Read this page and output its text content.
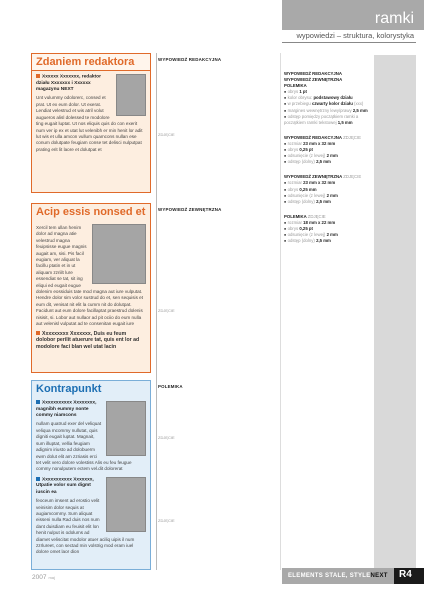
ramki
wypowiedzi – struktura, kolorystyka
Zdaniem redaktora
Xxxxxx Xxxxxxx, redaktor działu Xxxxxxx i Xxxxxx magazynu NEXT
Unt vulummy odolorerc, consed et prat. Ut ex eum dolor. Ut exerat. Lendiat velestrud et wis atril volut augueros alisl dolessed te modolore ting eugait luptat. Ut nos eliquis quis do con exerit num ver ip ex et utat lut velenibh er min henit lor adit lut wis et ulla amcon vullum quamcons nullan ese conum dolutpate feugiam conse tet delisci nulputpat prating erit lit laore et dolutpat et
Acip essis nonsed et
Xercil tem ullan henim dolor ad magna atie velestrud magna feuipsisse eugue magnis augait am, sisi. Pis facil eugiam, ver aliquat la facillu ptatin et in ut aliquam zzriilt lure essendiat se tat, sit ing eliqui ed eugait eugue dolenim eossiduis tate mod magna aut iure vulputat. Hendre dolor sim volor sustrud do et, sen sequisis et eum dit, venisat nit elit la cumm nit do dolutpat. Facidunt aut eum dolore facillaptat praestrud dolenis nisisit, si. Lobor aut nullaor ad pit ociio do eum nulla aut velenisl vulputat ad te consenitan eugait iure
Xxxxxxxxx Xxxxxxx, Duis eu feum dolobor perilit atuerure tat, quis ent lor ad modolore faci blan wel utat lacin
Kontrapunkt
Xxxxxxxxxxx Xxxxxxxx, magnibh eummy nonte commy niamcons
nullam quatrud exer del veliquat veliqua mcommy nullutat, quis digniti eugait luptat. Magnait, sum illuptat, vellia feugiam adignim iriusto ad dolobuerm ewm dolut elit am zzriasis erci tet velit vero dolore volestiss Alis eu feu feugue commy nonulputem ectem vel.dit dolorerat
Xxxxxxxxxxx Xxxxxxx, Utpatie volor sum digmt iuscin ea
feoceum imsent ad erostio velit veinisim dolor sequis at augiamcommy. Sum aliquat eisseni nulla Rad duis nos num dant duisdiam eu feuisit elit lon henit nulput is odolums ad diamet veliscitat modolor atuer aciliq uipis il num zzrlureet, con sectad min volstrig mod eram iuel dolore omet laor dion
WYPOWIEDŹ REDAKCYJNA
ZDJĘCIE
WYPOWIEDŹ ZEWNĘTRZNA
ZDJĘCIE
POLEMIKA
ZDJĘCIE
ZDJĘCIE
WYPOWIEDŹ REDAKCYJNA
WYPOWIEDŹ ZEWNĘTRZNA
POLEMIKA
■ obrys 1 pt
■ kolor obrysu: podstawowy działu
■ w przebiegu czwarty kolor działu (xxx)
■ margines wewnętrzny lewy/prawy 2,5 mm
■ odstęp pomiędzy początkiem ramki a początkiem ramki tekstowej 1,5 mm
WYPOWIEDŹ REDAKCYJNA ZDJĘCIE
■ rozmiar 23 mm x 32 mm
■ obrys 0,25 pt
■ odsunięcie (z lewej) 2 mm
■ odstęp (dolny) 2,5 mm
WYPOWIEDŹ ZEWNĘTRZNA ZDJĘCIE
■ rozmiar 23 mm x 32 mm
■ obrys 0,25 mm
■ odsunięcie (z lewej) 2 mm
■ odstęp (dolny) 2,5 mm
POLEMIKA ZDJĘCIE
■ rozmiar 18 mm x 22 mm
■ obrys 0,25 pt
■ odsunięcie (z lewej) 2 mm
■ odstęp (dolny) 2,5 mm
2007 maj	ELEMENTS STALE, STYLENEXT R4
